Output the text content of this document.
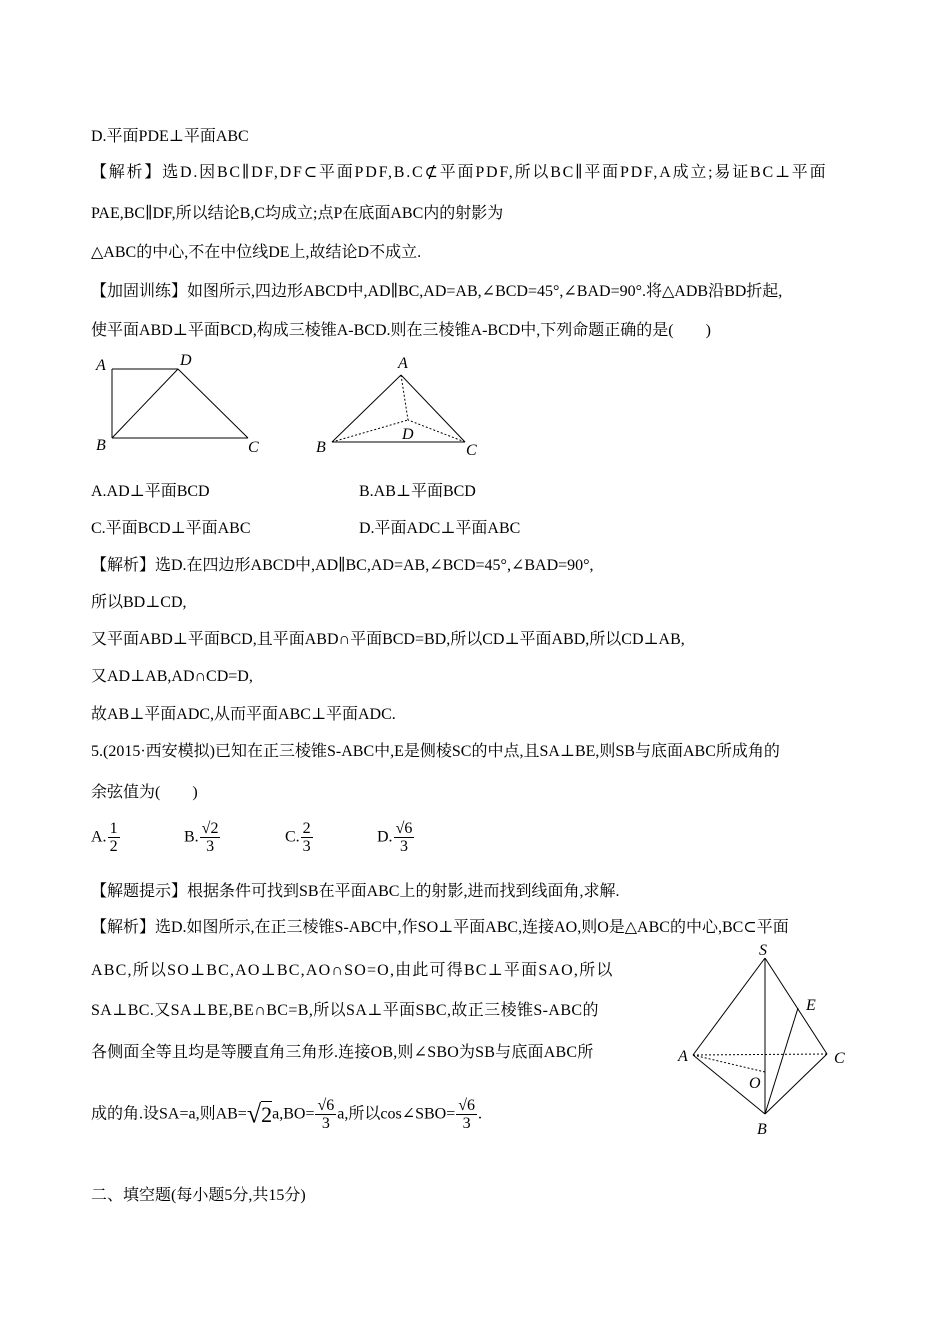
D.平面PDE⊥平面ABC
【解析】选D.因BC∥DF,DF⊂平面PDF,B.C⊄平面PDF,所以BC∥平面PDF,A成立;易证BC⊥平面
PAE,BC∥DF,所以结论B,C均成立;点P在底面ABC内的射影为
△ABC的中心,不在中位线DE上,故结论D不成立.
【加固训练】如图所示,四边形ABCD中,AD∥BC,AD=AB,∠BCD=45°,∠BAD=90°.将△ADB沿BD折起,
使平面ABD⊥平面BCD,构成三棱锥A-BCD.则在三棱锥A-BCD中,下列命题正确的是(　　)
A	D
B	C
A
D
B	C
A.AD⊥平面BCD	B.AB⊥平面BCD
C.平面BCD⊥平面ABC	D.平面ADC⊥平面ABC
【解析】选D.在四边形ABCD中,AD∥BC,AD=AB,∠BCD=45°,∠BAD=90°,
所以BD⊥CD,
又平面ABD⊥平面BCD,且平面ABD∩平面BCD=BD,所以CD⊥平面ABD,所以CD⊥AB,
又AD⊥AB,AD∩CD=D,
故AB⊥平面ADC,从而平面ABC⊥平面ADC.
5.(2015·西安模拟)已知在正三棱锥S-ABC中,E是侧棱SC的中点,且SA⊥BE,则SB与底面ABC所成角的
余弦值为(　　)
A. $\frac{1}{2}$	B. $\frac{√2}{3}$	C. $\frac{2}{3}$	D. $\frac{√6}{3}$
【解题提示】根据条件可找到SB在平面ABC上的射影,进而找到线面角,求解.
【解析】选D.如图所示,在正三棱锥S-ABC中,作SO⊥平面ABC,连接AO,则O是△ABC的中心,BC⊂平面
ABC,所以SO⊥BC,AO⊥BC,AO∩SO=O,由此可得BC⊥平面SAO,所以
SA⊥BC.又SA⊥BE,BE∩BC=B,所以SA⊥平面SBC,故正三棱锥S-ABC的
各侧面全等且均是等腰直角三角形.连接OB,则∠SBO为SB与底面ABC所
成的角.设SA=a,则$AB=√2a,BO= \frac{√6}{3} a$,所以cos∠SBO= $\frac{√6}{3}$ .
S
E
A	C
O
B
二、填空题(每小题5分,共15分)
